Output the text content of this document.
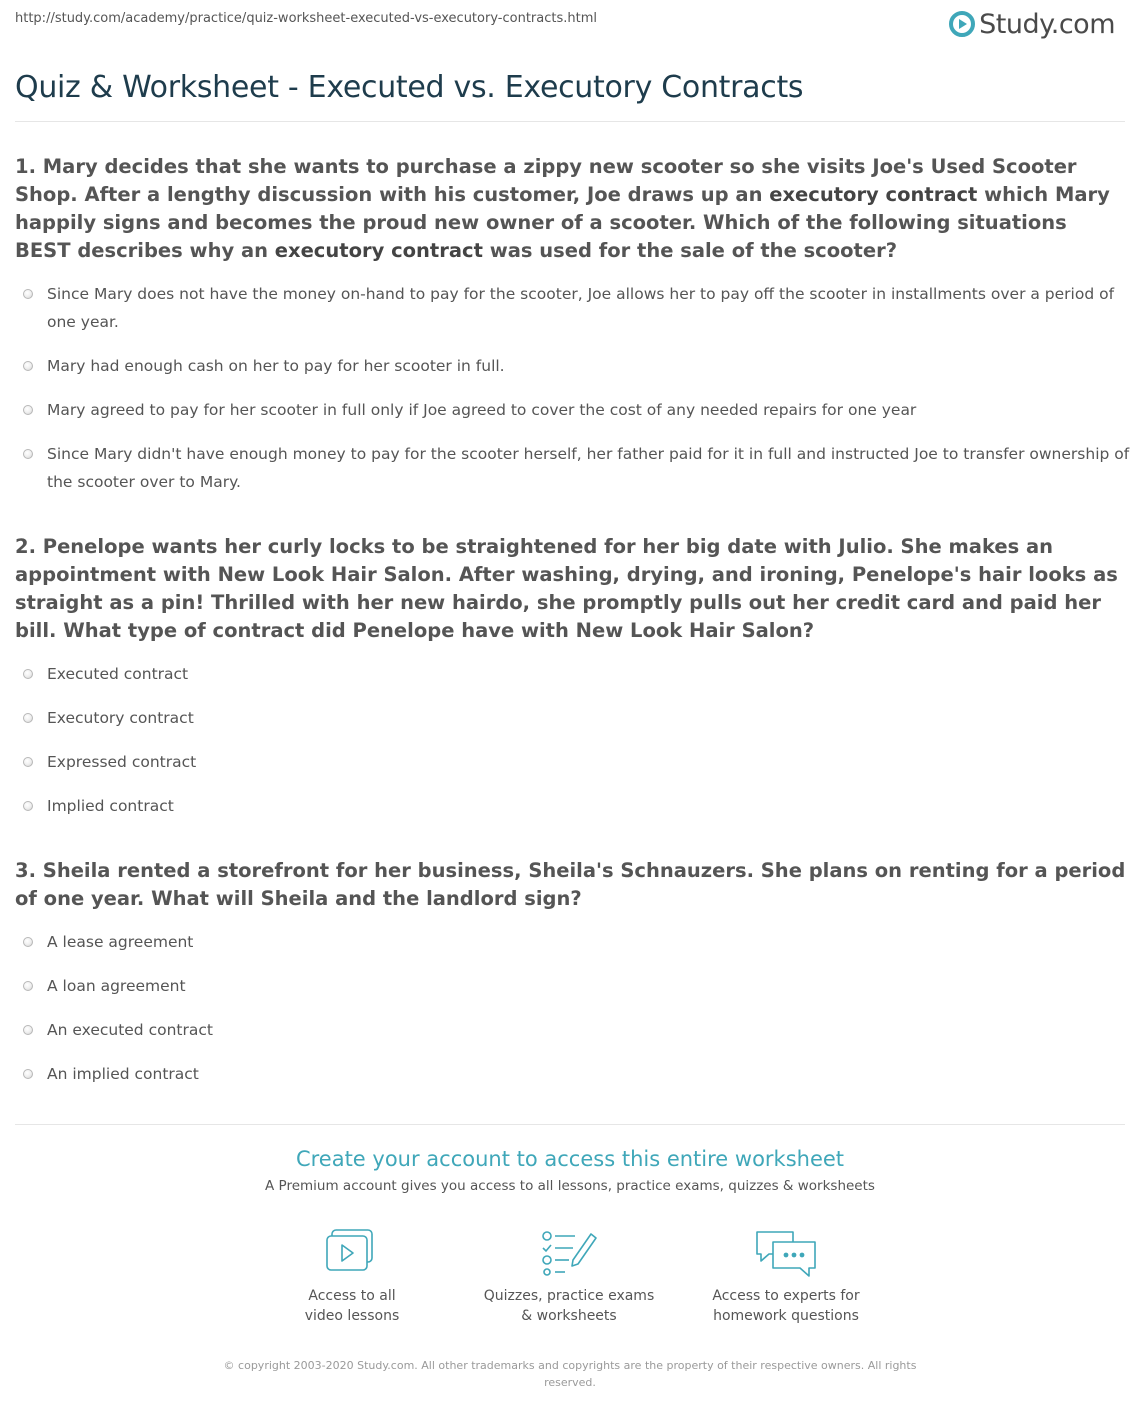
http://study.com/academy/practice/quiz-worksheet-executed-vs-executory-contracts.html	Study.com
Quiz & Worksheet - Executed vs. Executory Contracts

1. Mary decides that she wants to purchase a zippy new scooter so she visits Joe's Used Scooter Shop. After a lengthy discussion with his customer, Joe draws up an executory contract which Mary happily signs and becomes the proud new owner of a scooter. Which of the following situations BEST describes why an executory contract was used for the sale of the scooter?

Since Mary does not have the money on-hand to pay for the scooter, Joe allows her to pay off the scooter in installments over a period of one year.
Mary had enough cash on her to pay for her scooter in full.
Mary agreed to pay for her scooter in full only if Joe agreed to cover the cost of any needed repairs for one year
Since Mary didn't have enough money to pay for the scooter herself, her father paid for it in full and instructed Joe to transfer ownership of the scooter over to Mary.

2. Penelope wants her curly locks to be straightened for her big date with Julio. She makes an appointment with New Look Hair Salon. After washing, drying, and ironing, Penelope's hair looks as straight as a pin! Thrilled with her new hairdo, she promptly pulls out her credit card and paid her bill. What type of contract did Penelope have with New Look Hair Salon?

Executed contract
Executory contract
Expressed contract
Implied contract

3. Sheila rented a storefront for her business, Sheila's Schnauzers. She plans on renting for a period of one year. What will Sheila and the landlord sign?

A lease agreement
A loan agreement
An executed contract
An implied contract
Create your account to access this entire worksheet
A Premium account gives you access to all lessons, practice exams, quizzes & worksheets
Access to all
video lessons
Quizzes, practice exams
& worksheets
Access to experts for
homework questions
© copyright 2003-2020 Study.com. All other trademarks and copyrights are the property of their respective owners. All rights reserved.
